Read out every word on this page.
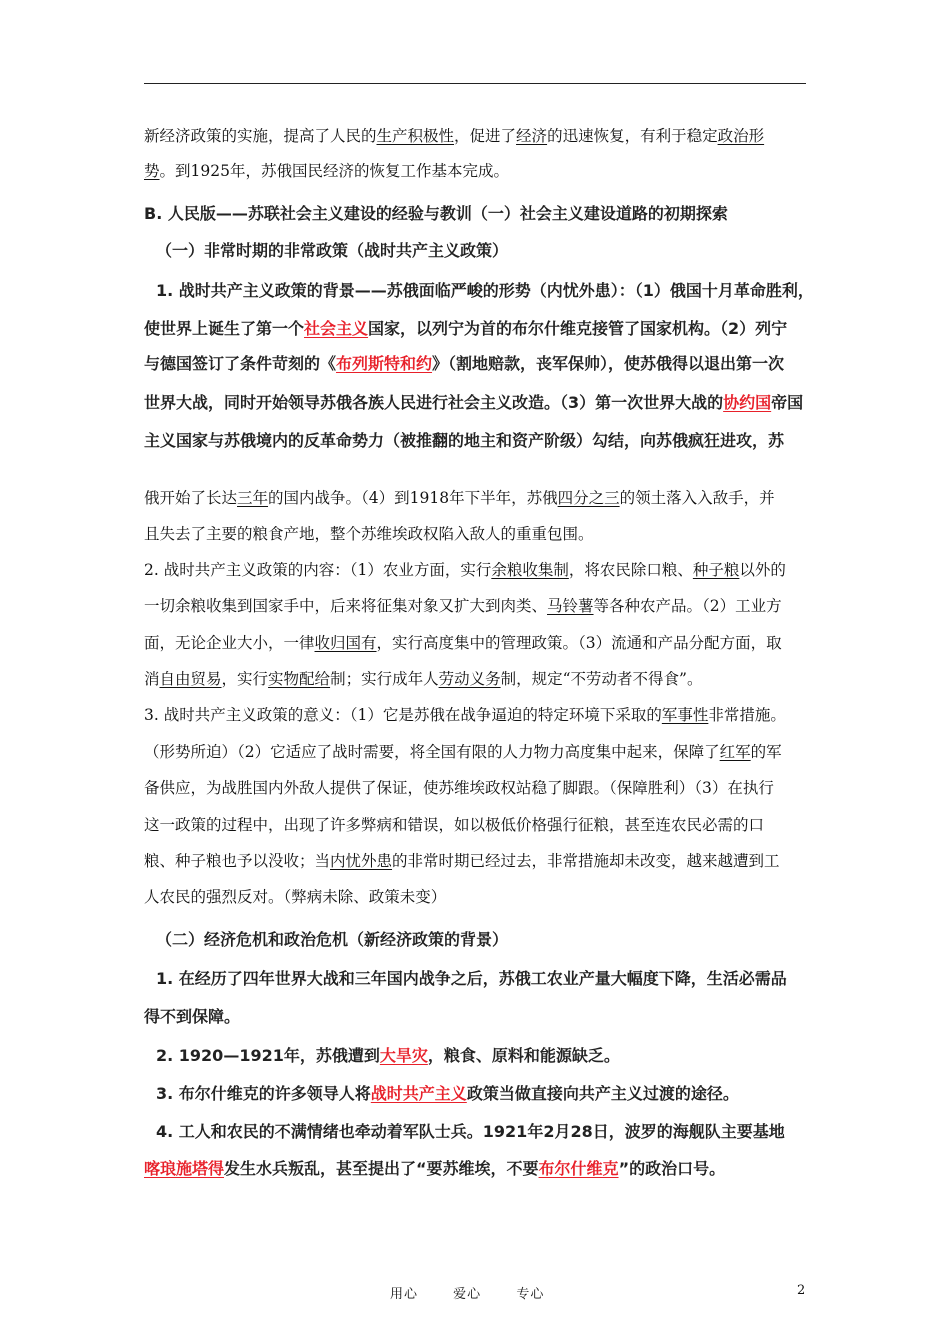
新经济政策的实施，提高了人民的生产积极性，促进了经济的迅速恢复，有利于稳定政治形
势。到1925年，苏俄国民经济的恢复工作基本完成。
B. 人民版——苏联社会主义建设的经验与教训（一）社会主义建设道路的初期探索
（一）非常时期的非常政策（战时共产主义政策）
1. 战时共产主义政策的背景——苏俄面临严峻的形势（内忧外患）：（1）俄国十月革命胜利，
使世界上诞生了第一个社会主义国家，以列宁为首的布尔什维克接管了国家机构。（2）列宁
与德国签订了条件苛刻的《布列斯特和约》（割地赔款，丧军保帅），使苏俄得以退出第一次
世界大战，同时开始领导苏俄各族人民进行社会主义改造。（3）第一次世界大战的协约国帝国
主义国家与苏俄境内的反革命势力（被推翻的地主和资产阶级）勾结，向苏俄疯狂进攻，苏
俄开始了长达三年的国内战争。（4）到1918年下半年，苏俄四分之三的领土落入入敌手，并
且失去了主要的粮食产地，整个苏维埃政权陷入敌人的重重包围。
2. 战时共产主义政策的内容：（1）农业方面，实行余粮收集制，将农民除口粮、种子粮以外的
一切余粮收集到国家手中，后来将征集对象又扩大到肉类、马铃薯等各种农产品。（2）工业方
面，无论企业大小，一律收归国有，实行高度集中的管理政策。（3）流通和产品分配方面，取
消自由贸易，实行实物配给制；实行成年人劳动义务制，规定“不劳动者不得食”。
3. 战时共产主义政策的意义：（1）它是苏俄在战争逼迫的特定环境下采取的军事性非常措施。
（形势所迫）（2）它适应了战时需要，将全国有限的人力物力高度集中起来，保障了红军的军
备供应，为战胜国内外敌人提供了保证，使苏维埃政权站稳了脚跟。（保障胜利）（3）在执行
这一政策的过程中，出现了许多弊病和错误，如以极低价格强行征粮，甚至连农民必需的口
粮、种子粮也予以没收；当内忧外患的非常时期已经过去，非常措施却未改变，越来越遭到工
人农民的强烈反对。（弊病未除、政策未变）
（二）经济危机和政治危机（新经济政策的背景）
1. 在经历了四年世界大战和三年国内战争之后，苏俄工农业产量大幅度下降，生活必需品
得不到保障。
2. 1920—1921年，苏俄遭到大旱灾，粮食、原料和能源缺乏。
3. 布尔什维克的许多领导人将战时共产主义政策当做直接向共产主义过渡的途径。
4. 工人和农民的不满情绪也牵动着军队士兵。1921年2月28日，波罗的海舰队主要基地
喀琅施塔得发生水兵叛乱，甚至提出了“要苏维埃，不要布尔什维克”的政治口号。
用心	爱心	专心	2
